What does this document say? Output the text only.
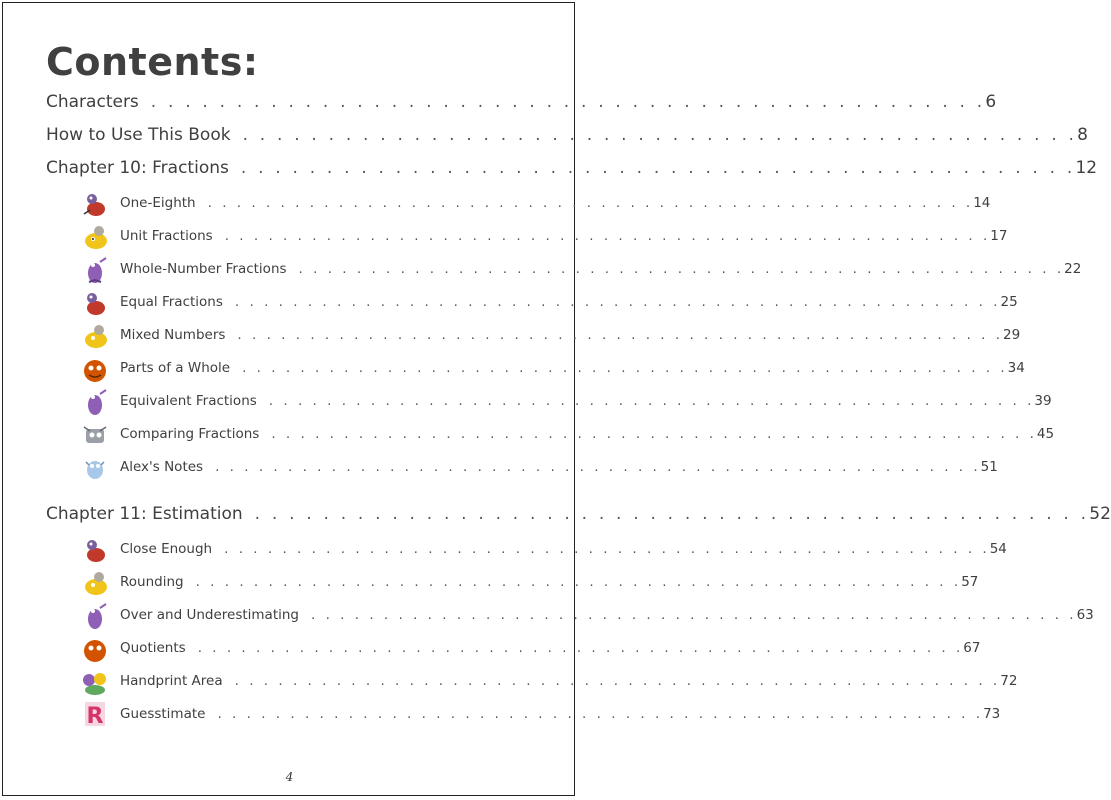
Contents:
Characters . . . . . . . . . . . . . . . . . . . . . . . . . . . . . . . . . . . . . . . . . . . . . . . . . 6
How to Use This Book . . . . . . . . . . . . . . . . . . . . . . . . . . . . . . . . . . . . . . . . . . . . . . . . . 8
Chapter 10: Fractions . . . . . . . . . . . . . . . . . . . . . . . . . . . . . . . . . . . . . . . . . . . . . . . . . 12
One-Eighth . . . . . . . . . . . . . . . . . . . . . . . . . . . . . . . . . . . . . . . . . . . . . . . . . . . . . 14
Unit Fractions . . . . . . . . . . . . . . . . . . . . . . . . . . . . . . . . . . . . . . . . . . . . . . . . . . . . . 17
Whole-Number Fractions . . . . . . . . . . . . . . . . . . . . . . . . . . . . . . . . . . . . . . . . . . . . . . . . . . . . . 22
Equal Fractions . . . . . . . . . . . . . . . . . . . . . . . . . . . . . . . . . . . . . . . . . . . . . . . . . . . . . 25
Mixed Numbers . . . . . . . . . . . . . . . . . . . . . . . . . . . . . . . . . . . . . . . . . . . . . . . . . . . . . 29
Parts of a Whole . . . . . . . . . . . . . . . . . . . . . . . . . . . . . . . . . . . . . . . . . . . . . . . . . . . . . 34
Equivalent Fractions . . . . . . . . . . . . . . . . . . . . . . . . . . . . . . . . . . . . . . . . . . . . . . . . . . . . . 39
Comparing Fractions . . . . . . . . . . . . . . . . . . . . . . . . . . . . . . . . . . . . . . . . . . . . . . . . . . . . . 45
Alex's Notes . . . . . . . . . . . . . . . . . . . . . . . . . . . . . . . . . . . . . . . . . . . . . . . . . . . . . 51
Chapter 11: Estimation . . . . . . . . . . . . . . . . . . . . . . . . . . . . . . . . . . . . . . . . . . . . . . . . . 52
Close Enough . . . . . . . . . . . . . . . . . . . . . . . . . . . . . . . . . . . . . . . . . . . . . . . . . . . . . 54
Rounding . . . . . . . . . . . . . . . . . . . . . . . . . . . . . . . . . . . . . . . . . . . . . . . . . . . . . 57
Over and Underestimating . . . . . . . . . . . . . . . . . . . . . . . . . . . . . . . . . . . . . . . . . . . . . . . . . . . . . 63
Quotients . . . . . . . . . . . . . . . . . . . . . . . . . . . . . . . . . . . . . . . . . . . . . . . . . . . . . 67
Handprint Area . . . . . . . . . . . . . . . . . . . . . . . . . . . . . . . . . . . . . . . . . . . . . . . . . . . . . 72
R Guesstimate . . . . . . . . . . . . . . . . . . . . . . . . . . . . . . . . . . . . . . . . . . . . . . . . . . . . . 73
4
